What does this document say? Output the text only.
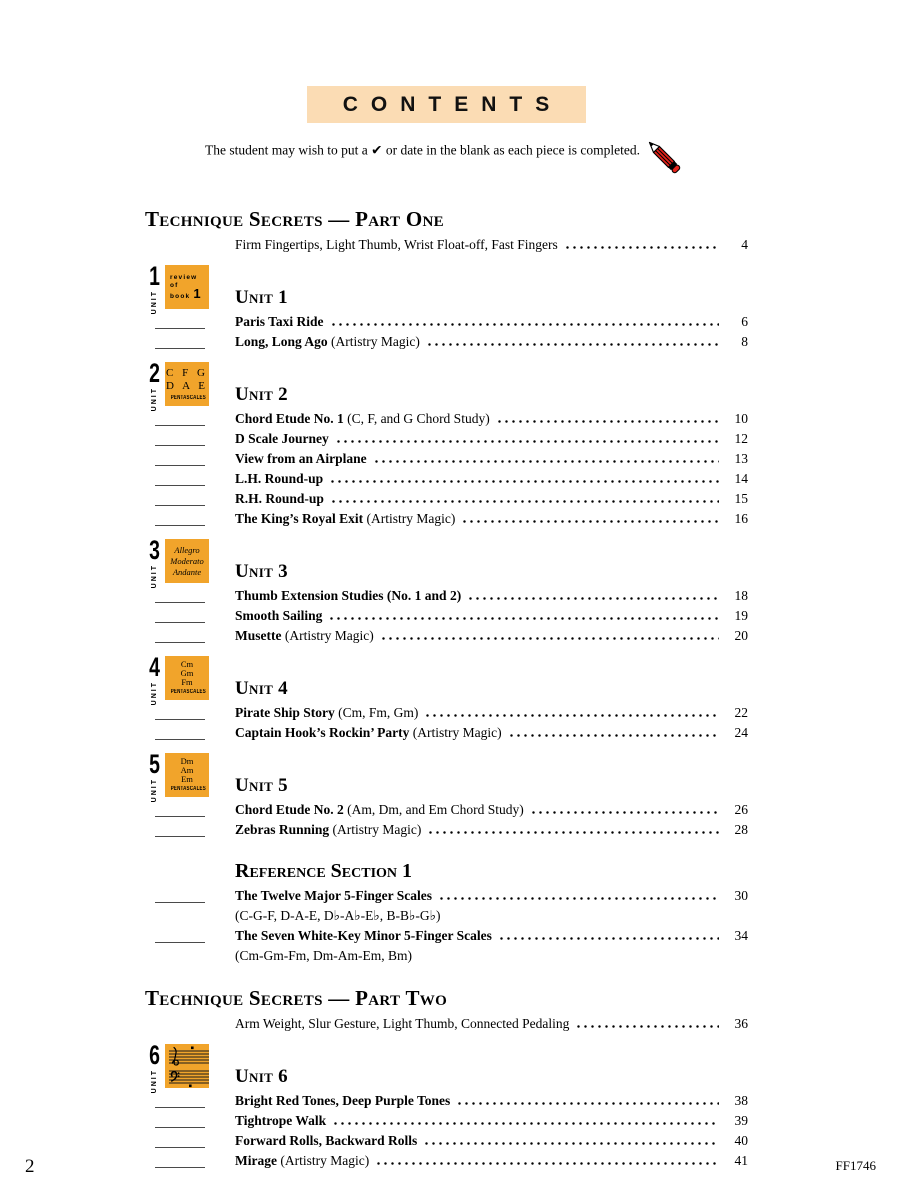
CONTENTS
The student may wish to put a ✔ or date in the blank as each piece is completed.
Technique Secrets — Part One
Firm Fingertips, Light Thumb, Wrist Float-off, Fast Fingers	4
1
UNIT
review
of
book 1 Unit 1
Paris Taxi Ride	6
Long, Long Ago (Artistry Magic)	8
2
UNIT
C F G
D A E
PENTASCALES Unit 2
Chord Etude No. 1 (C, F, and G Chord Study)	10
D Scale Journey	12
View from an Airplane	13
L.H. Round-up	14
R.H. Round-up	15
The King’s Royal Exit (Artistry Magic)	16
3
UNIT
Allegro
Moderato
Andante	Unit 3
Thumb Extension Studies (No. 1 and 2)	18
Smooth Sailing	19
Musette (Artistry Magic)	20
4
UNIT
Cm
Gm
Fm
PENTASCALES Unit 4
Pirate Ship Story (Cm, Fm, Gm)	22
Captain Hook’s Rockin’ Party (Artistry Magic)	24
5
UNIT
Dm
Am
Em
PENTASCALES Unit 5
Chord Etude No. 2 (Am, Dm, and Em Chord Study)	26
Zebras Running (Artistry Magic)	28
Reference Section 1
The Twelve Major 5-Finger Scales	30
(C-G-F, D-A-E, D♭-A♭-E♭, B-B♭-G♭)
The Seven White-Key Minor 5-Finger Scales	34
(Cm-Gm-Fm, Dm-Am-Em, Bm)
Technique Secrets — Part Two
Arm Weight, Slur Gesture, Light Thumb, Connected Pedaling	36
6
UNIT	Unit 6
Bright Red Tones, Deep Purple Tones	38
Tightrope Walk	39
Forward Rolls, Backward Rolls	40
Mirage (Artistry Magic)	41
2	FF1746
